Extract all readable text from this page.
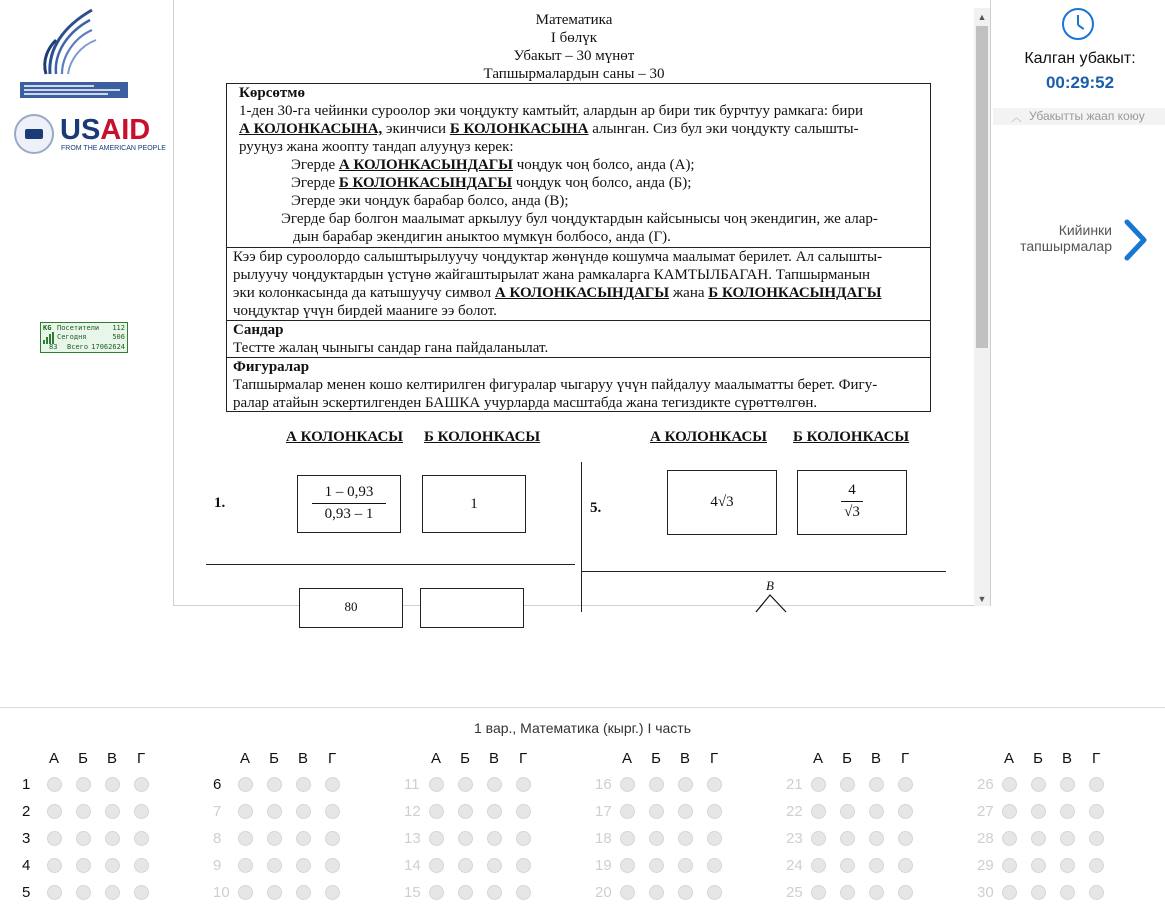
USAID
FROM THE AMERICAN PEOPLE
KG Посетители 112
Сегодня	506
83 Всего 17062624
Математика
I бөлүк
Убакыт – 30 мүнөт
Тапшырмалардын саны – 30
Көрсөтмө
1-ден 30-га чейинки суроолор эки чоңдукту камтыйт, алардын ар бири тик бурчтуу рамкага: бири
А КОЛОНКАСЫНА, экинчиси Б КОЛОНКАСЫНА алынган. Сиз бул эки чоңдукту салышты-
рууңуз жана жоопту тандап алууңуз керек:
Эгерде А КОЛОНКАСЫНДАГЫ чоңдук чоң болсо, анда (А);
Эгерде Б КОЛОНКАСЫНДАГЫ чоңдук чоң болсо, анда (Б);
Эгерде эки чоңдук барабар болсо, анда (В);
Эгерде бар болгон маалымат аркылуу бул чоңдуктардын кайсынысы чоң экендигин, же алар-
дын барабар экендигин аныктоо мүмкүн болбосо, анда (Г).
Кээ бир суроолордо салыштырылуучу чоңдуктар жөнүндө кошумча маалымат берилет. Ал салышты-
рылуучу чоңдуктардын үстүнө жайгаштырылат жана рамкаларга КАМТЫЛБАГАН. Тапшырманын
эки колонкасында да катышуучу символ А КОЛОНКАСЫНДАГЫ жана Б КОЛОНКАСЫНДАГЫ
чоңдуктар үчүн бирдей мааниге ээ болот.
Сандар
Тестте жалаң чыныгы сандар гана пайдаланылат.
Фигуралар
Тапшырмалар менен кошо келтирилген фигуралар чыгаруу үчүн пайдалуу маалыматты берет. Фигу-
ралар атайын эскертилгенден БАШКА учурларда масштабда жана тегиздикте сүрөттөлгөн.
А КОЛОНКАСЫ Б КОЛОНКАСЫ	А КОЛОНКАСЫ Б КОЛОНКАСЫ
1.
1 – 0,93
0,93 – 1
1	5.	4√3
4
√3
80
B
▲
▼
Калган убакыт:
00:29:52
︿ Убакытты жаап коюу
Кийинки
тапшырмалар
1 вар., Математика (кырг.) I часть
А	Б	В	Г
1
2
3
4
5
А	Б	В	Г
6
7
8
9
10
А	Б	В	Г
11
12
13
14
15
А	Б	В	Г
16
17
18
19
20
А	Б	В	Г
21
22
23
24
25
А	Б	В	Г
26
27
28
29
30
